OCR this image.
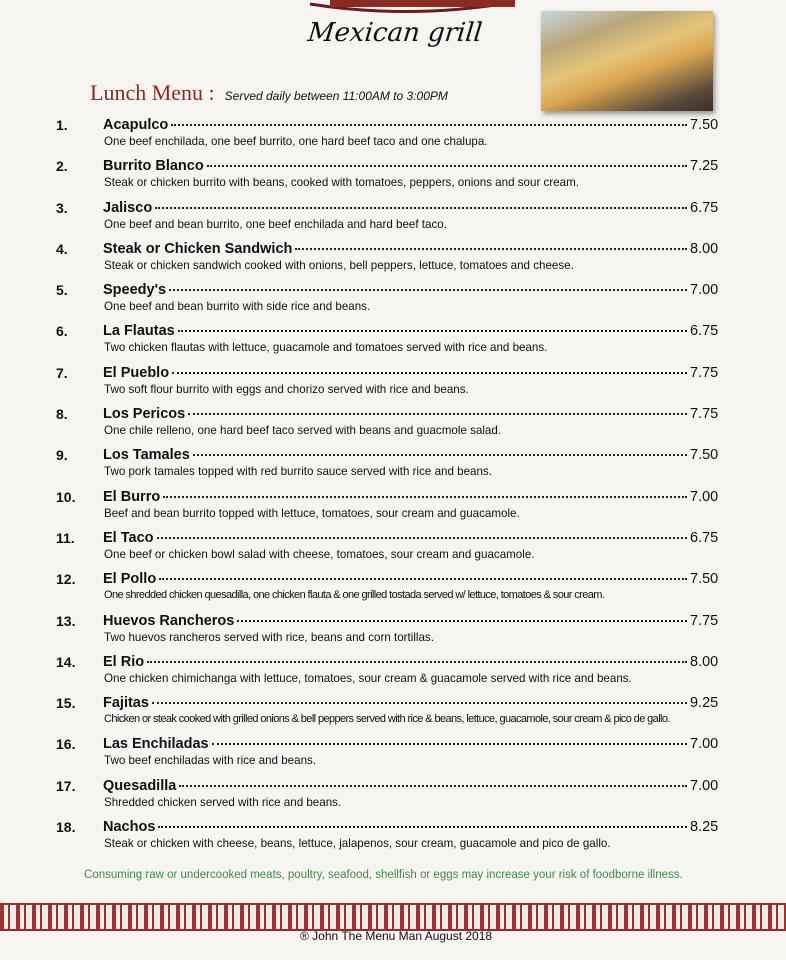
Mexican grill
Lunch Menu : Served daily between 11:00AM to 3:00PM
1. Acapulco	7.50
One beef enchilada, one beef burrito, one hard beef taco and one chalupa.
2. Burrito Blanco	7.25
Steak or chicken burrito with beans, cooked with tomatoes, peppers, onions and sour cream.
3. Jalisco	6.75
One beef and bean burrito, one beef enchilada and hard beef taco.
4. Steak or Chicken Sandwich	8.00
Steak or chicken sandwich cooked with onions, bell peppers, lettuce, tomatoes and cheese.
5. Speedy's	7.00
One beef and bean burrito with side rice and beans.
6. La Flautas	6.75
Two chicken flautas with lettuce, guacamole and tomatoes served with rice and beans.
7. El Pueblo	7.75
Two soft flour burrito with eggs and chorizo served with rice and beans.
8. Los Pericos	7.75
One chile relleno, one hard beef taco served with beans and guacmole salad.
9. Los Tamales	7.50
Two pork tamales topped with red burrito sauce served with rice and beans.
10. El Burro	7.00
Beef and bean burrito topped with lettuce, tomatoes, sour cream and guacamole.
11. El Taco	6.75
One beef or chicken bowl salad with cheese, tomatoes, sour cream and guacamole.
12. El Pollo	7.50
One shredded chicken quesadilla, one chicken flauta & one grilled tostada served w/ lettuce, tomatoes & sour cream.
13. Huevos Rancheros	7.75
Two huevos rancheros served with rice, beans and corn tortillas.
14. El Rio	8.00
One chicken chimichanga with lettuce, tomatoes, sour cream & guacamole served with rice and beans.
15. Fajitas	9.25
Chicken or steak cooked with grilled onions & bell peppers served with rice & beans, lettuce, guacamole, sour cream & pico de gallo.
16. Las Enchiladas	7.00
Two beef enchiladas with rice and beans.
17. Quesadilla	7.00
Shredded chicken served with rice and beans.
18. Nachos	8.25
Steak or chicken with cheese, beans, lettuce, jalapenos, sour cream, guacamole and pico de gallo.
Consuming raw or undercooked meats, poultry, seafood, shellfish or eggs may increase your risk of foodborne illness.
® John The Menu Man August 2018
